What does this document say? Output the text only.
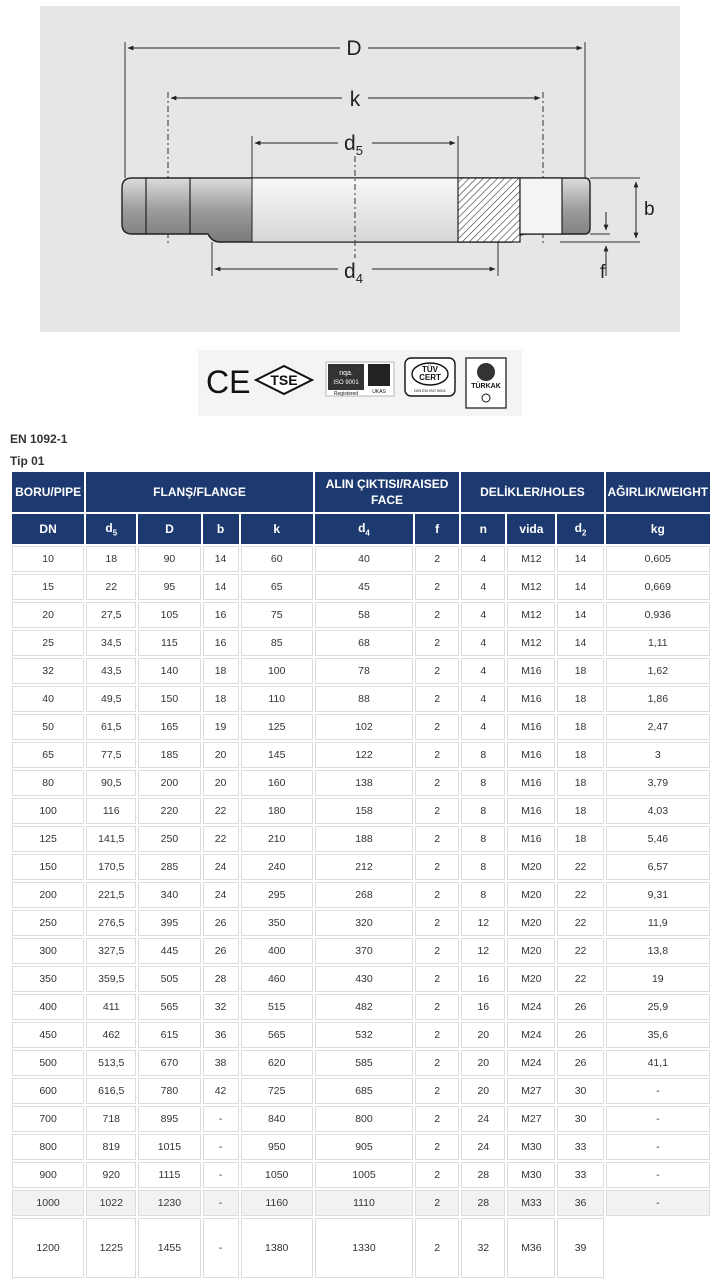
D
k
$d_5$
$d_4$
b
f
CE TSE	nqa.
ISO 9001
Registered	UKAS
TÜV
CERT
DIN EN ISO 9001
TÜRKAK
EN 1092-1
Tip 01
BORU/PIPE	FLANŞ/FLANGE				ALIN ÇIKTISI/RAISED FACE		DELİKLER/HOLES			AĞIRLIK/WEIGHT
DN	$d_5$	D	b	k	$d_4$	f	n	vida	$d_2$	kg
10	18	90	14	60	40	2	4	M12	14	0,605
15	22	95	14	65	45	2	4	M12	14	0,669
20	27,5	105	16	75	58	2	4	M12	14	0,936
25	34,5	115	16	85	68	2	4	M12	14	1,11
32	43,5	140	18	100	78	2	4	M16	18	1,62
40	49,5	150	18	110	88	2	4	M16	18	1,86
50	61,5	165	19	125	102	2	4	M16	18	2,47
65	77,5	185	20	145	122	2	8	M16	18	3
80	90,5	200	20	160	138	2	8	M16	18	3,79
100	116	220	22	180	158	2	8	M16	18	4,03
125	141,5	250	22	210	188	2	8	M16	18	5,46
150	170,5	285	24	240	212	2	8	M20	22	6,57
200	221,5	340	24	295	268	2	8	M20	22	9,31
250	276,5	395	26	350	320	2	12	M20	22	11,9
300	327,5	445	26	400	370	2	12	M20	22	13,8
350	359,5	505	28	460	430	2	16	M20	22	19
400	411	565	32	515	482	2	16	M24	26	25,9
450	462	615	36	565	532	2	20	M24	26	35,6
500	513,5	670	38	620	585	2	20	M24	26	41,1
600	616,5	780	42	725	685	2	20	M27	30	-
700	718	895	-	840	800	2	24	M27	30	-
800	819	1015	-	950	905	2	24	M30	33	-
900	920	1115	-	1050	1005	2	28	M30	33	-
1000	1022	1230	-	1160	1110	2	28	M33	36	-
1200	1225	1455	-	1380	1330	2	32	M36	39	
